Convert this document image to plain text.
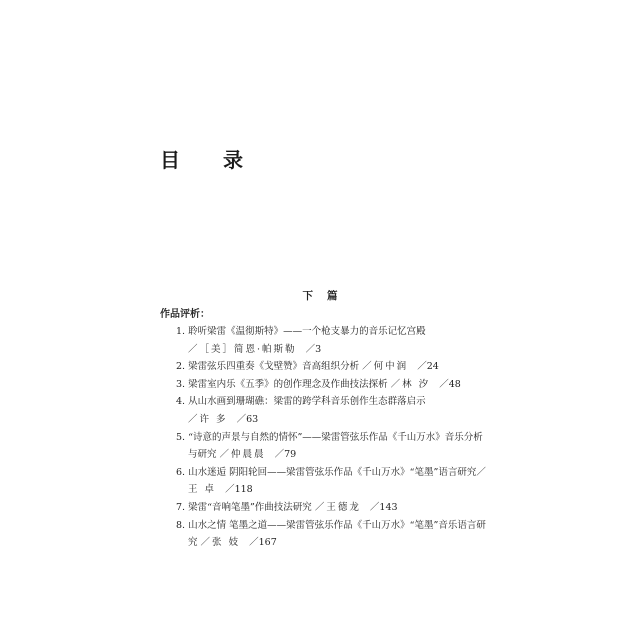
目 录
下篇
作品评析：
1. 聆听梁雷《温彻斯特》——一个枪支暴力的音乐记忆宫殿
／［美］简恩·帕斯勒 ／3
2. 梁雷弦乐四重奏《戈壁赞》音高组织分析 ／何中润 ／24
3. 梁雷室内乐《五季》的创作理念及作曲技法探析 ／林 汐 ／48
4. 从山水画到珊瑚礁：梁雷的跨学科音乐创作生态群落启示
／许 多 ／63
5. “诗意的声景与自然的情怀”——梁雷管弦乐作品《千山万水》音乐分析
与研究 ／仲晨晨 ／79
6. 山水迷逅 阴阳轮回——梁雷管弦乐作品《千山万水》“笔墨”语言研究／
王 卓 ／118
7. 梁雷“音响笔墨”作曲技法研究 ／王德龙 ／143
8. 山水之情 笔墨之道——梁雷管弦乐作品《千山万水》“笔墨”音乐语言研
究 ／张 妓 ／167
